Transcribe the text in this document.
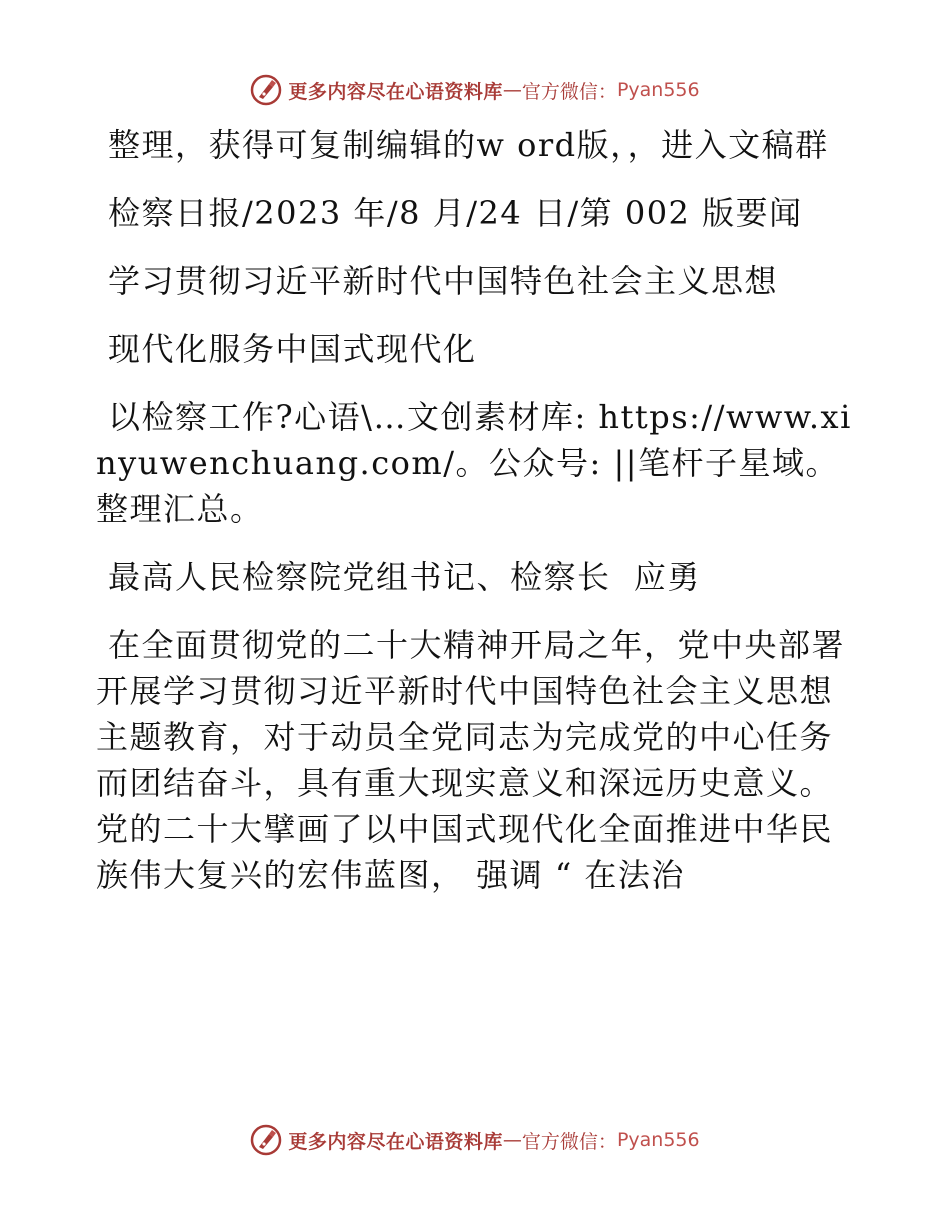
更多内容尽在心语资料库 — 官方微信： Pyan556

整理，获得可复制编辑的w ord版，，进入文稿群

检察日报/2023 年/8 月/24 日/第 002 版要闻

学习贯彻习近平新时代中国特色社会主义思想

现代化服务中国式现代化

以检察工作?心语\…文创素材库: https://www.xinyuwenchuang.com/。公众号: ||笔杆子星域。整理汇总。

最高人民检察院党组书记、检察长  应勇

在全面贯彻党的二十大精神开局之年，党中央部署开展学习贯彻习近平新时代中国特色社会主义思想主题教育，对于动员全党同志为完成党的中心任务而团结奋斗，具有重大现实意义和深远历史意义。 党的二十大擘画了以中国式现代化全面推进中华民族伟大复兴的宏伟蓝图， 强调 “ 在法治

更多内容尽在心语资料库 — 官方微信： Pyan556
